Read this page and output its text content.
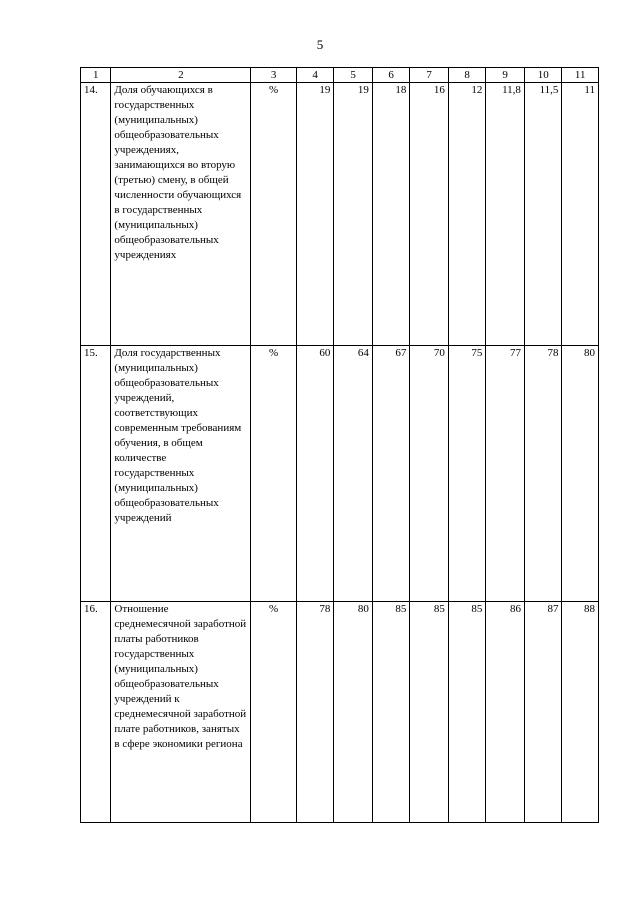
5
1	2	3	4	5	6	7	8	9	10	11
14.	Доля обучающихся в государственных (муниципальных) общеобразовательных учреждениях, занимающихся во вторую (третью) смену, в общей численности обучающихся в государственных (муниципальных) общеобразовательных учреждениях	%	19	19	18	16	12	11,8	11,5	11
15.	Доля государственных (муниципальных) общеобразовательных учреждений, соответствующих современным требованиям обучения, в общем количестве государственных (муниципальных) общеобразовательных учреждений	%	60	64	67	70	75	77	78	80
16.	Отношение среднемесячной заработной платы работников государственных (муниципальных) общеобразовательных учреждений к среднемесячной заработной плате работников, занятых в сфере экономики региона	%	78	80	85	85	85	86	87	88
